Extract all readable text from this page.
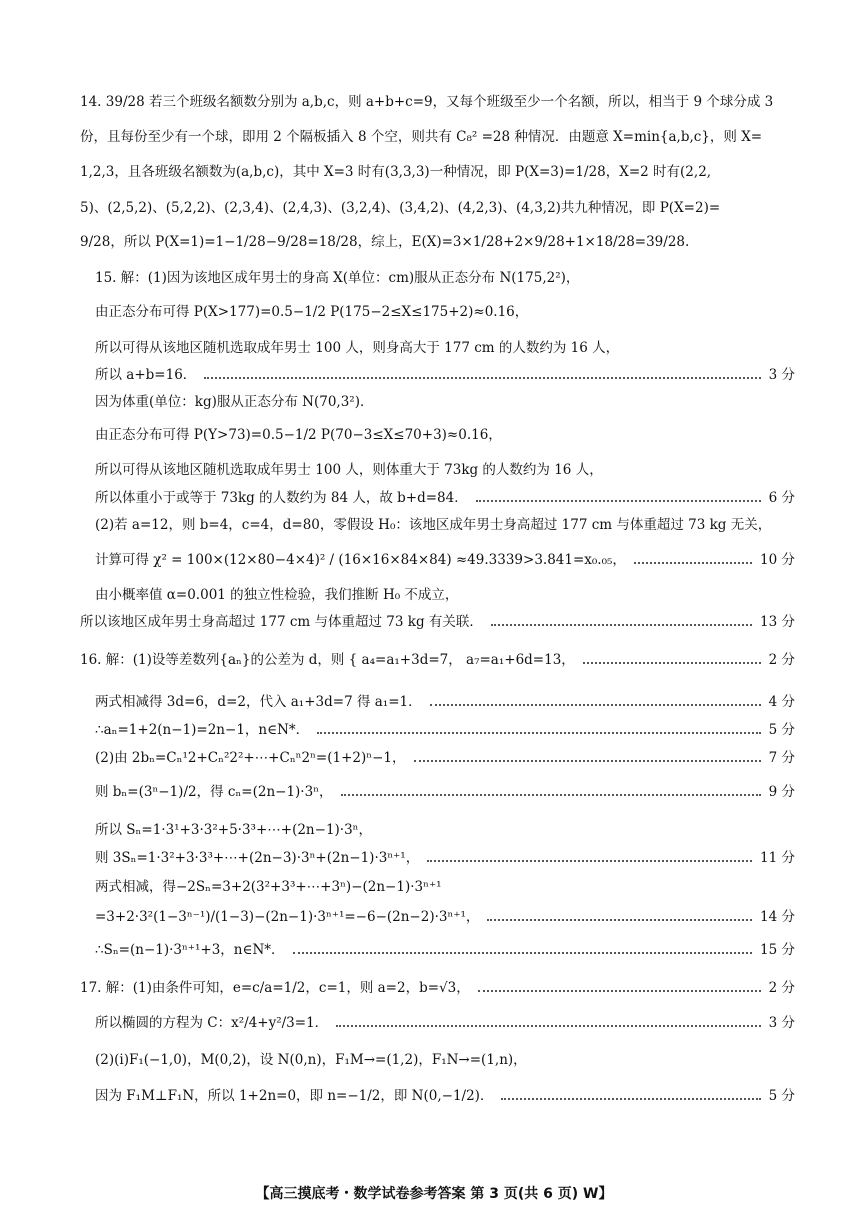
14. 39/28 若三个班级名额数分别为 a,b,c，则 a+b+c=9，又每个班级至少一个名额，所以，相当于 9 个球分成 3
份，且每份至少有一个球，即用 2 个隔板插入 8 个空，则共有 C₈² =28 种情况．由题意 X=min{a,b,c}，则 X=
1,2,3，且各班级名额数为(a,b,c)，其中 X=3 时有(3,3,3)一种情况，即 P(X=3)=1/28，X=2 时有(2,2,
5)、(2,5,2)、(5,2,2)、(2,3,4)、(2,4,3)、(3,2,4)、(3,4,2)、(4,2,3)、(4,3,2)共九种情况，即 P(X=2)=
9/28，所以 P(X=1)=1−1/28−9/28=18/28，综上，E(X)=3×1/28+2×9/28+1×18/28=39/28.
15. 解：(1)因为该地区成年男士的身高 X(单位：cm)服从正态分布 N(175,2²)，
由正态分布可得 P(X>177)=0.5−1/2 P(175−2≤X≤175+2)≈0.16，
所以可得从该地区随机选取成年男士 100 人，则身高大于 177 cm 的人数约为 16 人，
所以 a+b=16．	3 分
因为体重(单位：kg)服从正态分布 N(70,3²)．
由正态分布可得 P(Y>73)=0.5−1/2 P(70−3≤X≤70+3)≈0.16，
所以可得从该地区随机选取成年男士 100 人，则体重大于 73kg 的人数约为 16 人，
所以体重小于或等于 73kg 的人数约为 84 人，故 b+d=84．	6 分
(2)若 a=12，则 b=4，c=4，d=80，零假设 H₀：该地区成年男士身高超过 177 cm 与体重超过 73 kg 无关，
计算可得 χ² = 100×(12×80−4×4)² / (16×16×84×84) ≈49.3339>3.841=x₀.₀₅，	10 分
由小概率值 α=0.001 的独立性检验，我们推断 H₀ 不成立，
所以该地区成年男士身高超过 177 cm 与体重超过 73 kg 有关联．	13 分
16. 解：(1)设等差数列{aₙ}的公差为 d，则 { a₄=a₁+3d=7， a₇=a₁+6d=13，	2 分
两式相减得 3d=6，d=2，代入 a₁+3d=7 得 a₁=1．	4 分
∴aₙ=1+2(n−1)=2n−1，n∈N*．	5 分
(2)由 2bₙ=Cₙ¹2+Cₙ²2²+⋯+Cₙⁿ2ⁿ=(1+2)ⁿ−1，	7 分
则 bₙ=(3ⁿ−1)/2，得 cₙ=(2n−1)·3ⁿ，	9 分
所以 Sₙ=1·3¹+3·3²+5·3³+⋯+(2n−1)·3ⁿ，
则 3Sₙ=1·3²+3·3³+⋯+(2n−3)·3ⁿ+(2n−1)·3ⁿ⁺¹，	11 分
两式相减，得−2Sₙ=3+2(3²+3³+⋯+3ⁿ)−(2n−1)·3ⁿ⁺¹
=3+2·3²(1−3ⁿ⁻¹)/(1−3)−(2n−1)·3ⁿ⁺¹=−6−(2n−2)·3ⁿ⁺¹，	14 分
∴Sₙ=(n−1)·3ⁿ⁺¹+3，n∈N*．	15 分
17. 解：(1)由条件可知，e=c/a=1/2，c=1，则 a=2，b=√3，	2 分
所以椭圆的方程为 C：x²/4+y²/3=1．	3 分
(2)(ⅰ)F₁(−1,0)，M(0,2)，设 N(0,n)，F₁M→=(1,2)，F₁N→=(1,n)，
因为 F₁M⊥F₁N，所以 1+2n=0，即 n=−1/2，即 N(0,−1/2)．	5 分
【高三摸底考・数学试卷参考答案 第 3 页(共 6 页) W】
